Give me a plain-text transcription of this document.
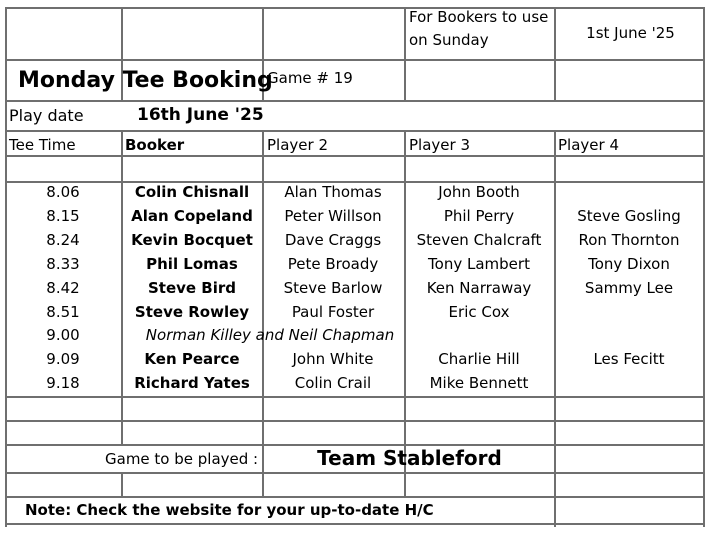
For Bookers to use
on Sunday	1st June '25
Monday Tee Booking
Game # 19
Play date	16th June '25
Tee Time	Booker	Player 2	Player 3	Player 4
8.06	Colin Chisnall	Alan Thomas	John Booth
8.15	Alan Copeland	Peter Willson	Phil Perry	Steve Gosling
8.24	Kevin Bocquet	Dave Craggs	Steven Chalcraft	Ron Thornton
8.33	Phil Lomas	Pete Broady	Tony Lambert	Tony Dixon
8.42	Steve Bird	Steve Barlow	Ken Narraway	Sammy Lee
8.51	Steve Rowley	Paul Foster	Eric Cox
9.00	Norman Killey and Neil Chapman
9.09	Ken Pearce	John White	Charlie Hill	Les Fecitt
9.18	Richard Yates	Colin Crail	Mike Bennett
Game to be played :	Team Stableford
Note: Check the website for your up-to-date H/C
